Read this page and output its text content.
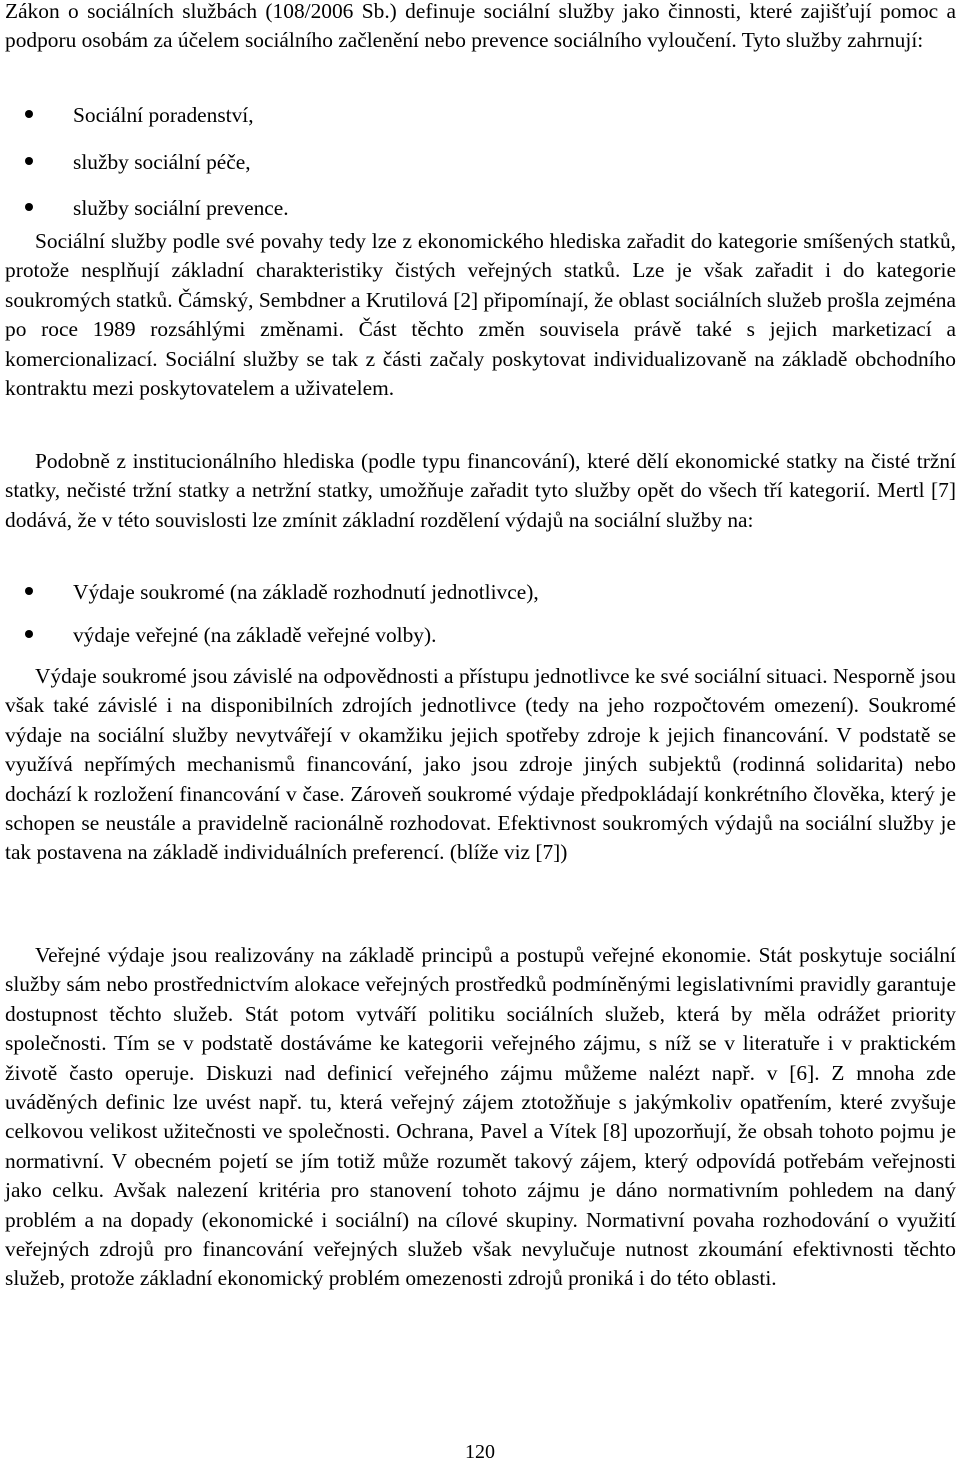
Zákon o sociálních službách (108/2006 Sb.) definuje sociální služby jako činnosti, které zajišťují pomoc a podporu osobám za účelem sociálního začlenění nebo prevence sociálního vyloučení. Tyto služby zahrnují:

Sociální poradenství,
služby sociální péče,
služby sociální prevence.

Sociální služby podle své povahy tedy lze z ekonomického hlediska zařadit do kategorie smíšených statků, protože nesplňují základní charakteristiky čistých veřejných statků. Lze je však zařadit i do kategorie soukromých statků. Čámský, Sembdner a Krutilová [2] připomínají, že oblast sociálních služeb prošla zejména po roce 1989 rozsáhlými změnami. Část těchto změn souvisela právě také s jejich marketizací a komercionalizací. Sociální služby se tak z části začaly poskytovat individualizovaně na základě obchodního kontraktu mezi poskytovatelem a uživatelem.

Podobně z institucionálního hlediska (podle typu financování), které dělí ekonomické statky na čisté tržní statky, nečisté tržní statky a netržní statky, umožňuje zařadit tyto služby opět do všech tří kategorií. Mertl [7] dodává, že v této souvislosti lze zmínit základní rozdělení výdajů na sociální služby na:

Výdaje soukromé (na základě rozhodnutí jednotlivce),
výdaje veřejné (na základě veřejné volby).

Výdaje soukromé jsou závislé na odpovědnosti a přístupu jednotlivce ke své sociální situaci. Nesporně jsou však také závislé i na disponibilních zdrojích jednotlivce (tedy na jeho rozpočtovém omezení). Soukromé výdaje na sociální služby nevytvářejí v okamžiku jejich spotřeby zdroje k jejich financování. V podstatě se využívá nepřímých mechanismů financování, jako jsou zdroje jiných subjektů (rodinná solidarita) nebo dochází k rozložení financování v čase. Zároveň soukromé výdaje předpokládají konkrétního člověka, který je schopen se neustále a pravidelně racionálně rozhodovat. Efektivnost soukromých výdajů na sociální služby je tak postavena na základě individuálních preferencí. (blíže viz [7])

Veřejné výdaje jsou realizovány na základě principů a postupů veřejné ekonomie. Stát poskytuje sociální služby sám nebo prostřednictvím alokace veřejných prostředků podmíněnými legislativními pravidly garantuje dostupnost těchto služeb. Stát potom vytváří politiku sociálních služeb, která by měla odrážet priority společnosti. Tím se v podstatě dostáváme ke kategorii veřejného zájmu, s níž se v literatuře i v praktickém životě často operuje. Diskuzi nad definicí veřejného zájmu můžeme nalézt např. v [6]. Z mnoha zde uváděných definic lze uvést např. tu, která veřejný zájem ztotožňuje s jakýmkoliv opatřením, které zvyšuje celkovou velikost užitečnosti ve společnosti. Ochrana, Pavel a Vítek [8] upozorňují, že obsah tohoto pojmu je normativní. V obecném pojetí se jím totiž může rozumět takový zájem, který odpovídá potřebám veřejnosti jako celku. Avšak nalezení kritéria pro stanovení tohoto zájmu je dáno normativním pohledem na daný problém a na dopady (ekonomické i sociální) na cílové skupiny. Normativní povaha rozhodování o využití veřejných zdrojů pro financování veřejných služeb však nevylučuje nutnost zkoumání efektivnosti těchto služeb, protože základní ekonomický problém omezenosti zdrojů proniká i do této oblasti.

120
